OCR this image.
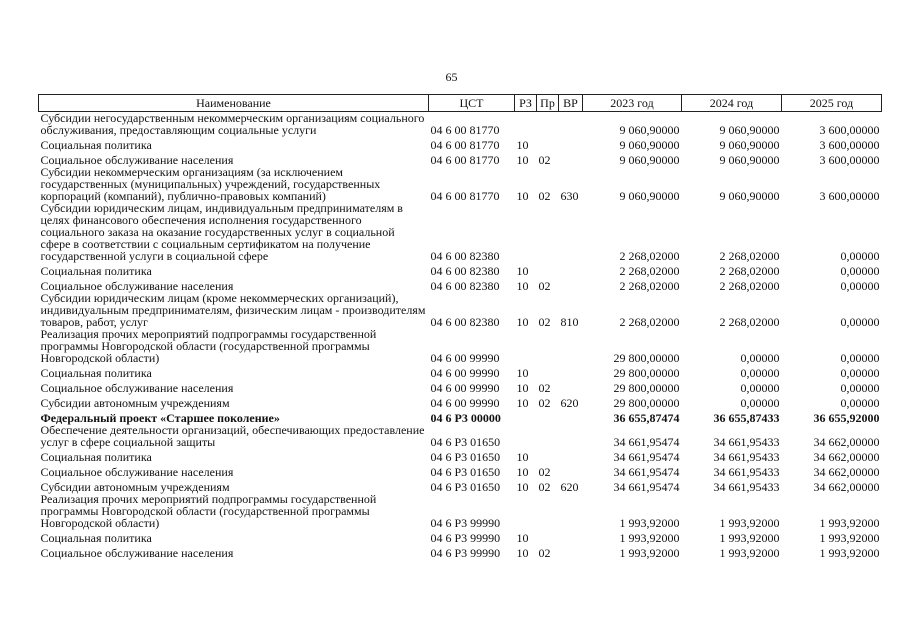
65
Наименование	ЦСТ	РЗ	Пр	ВР	2023 год	2024 год	2025 год
Субсидии негосударственным некоммерческим организациям социального обслуживания, предоставляющим социальные услуги	04 6 00 81770				9 060,90000	9 060,90000	3 600,00000
Социальная политика	04 6 00 81770	10			9 060,90000	9 060,90000	3 600,00000
Социальное обслуживание населения	04 6 00 81770	10	02		9 060,90000	9 060,90000	3 600,00000
Субсидии некоммерческим организациям (за исключением государственных (муниципальных) учреждений, государственных корпораций (компаний), публично-правовых компаний)	04 6 00 81770	10	02	630	9 060,90000	9 060,90000	3 600,00000
Субсидии юридическим лицам, индивидуальным предпринимателям в целях финансового обеспечения исполнения государственного социального заказа на оказание государственных услуг в социальной сфере в соответствии с социальным сертификатом на получение государственной услуги в социальной сфере	04 6 00 82380				2 268,02000	2 268,02000	0,00000
Социальная политика	04 6 00 82380	10			2 268,02000	2 268,02000	0,00000
Социальное обслуживание населения	04 6 00 82380	10	02		2 268,02000	2 268,02000	0,00000
Субсидии юридическим лицам (кроме некоммерческих организаций), индивидуальным предпринимателям, физическим лицам - производителям товаров, работ, услуг	04 6 00 82380	10	02	810	2 268,02000	2 268,02000	0,00000
Реализация прочих мероприятий подпрограммы государственной программы Новгородской области (государственной программы Новгородской области)	04 6 00 99990				29 800,00000	0,00000	0,00000
Социальная политика	04 6 00 99990	10			29 800,00000	0,00000	0,00000
Социальное обслуживание населения	04 6 00 99990	10	02		29 800,00000	0,00000	0,00000
Субсидии автономным учреждениям	04 6 00 99990	10	02	620	29 800,00000	0,00000	0,00000
Федеральный проект «Старшее поколение»	04 6 P3 00000				36 655,87474	36 655,87433	36 655,92000
Обеспечение деятельности организаций, обеспечивающих предоставление услуг в сфере социальной защиты	04 6 P3 01650				34 661,95474	34 661,95433	34 662,00000
Социальная политика	04 6 P3 01650	10			34 661,95474	34 661,95433	34 662,00000
Социальное обслуживание населения	04 6 P3 01650	10	02		34 661,95474	34 661,95433	34 662,00000
Субсидии автономным учреждениям	04 6 P3 01650	10	02	620	34 661,95474	34 661,95433	34 662,00000
Реализация прочих мероприятий подпрограммы государственной программы Новгородской области (государственной программы Новгородской области)	04 6 P3 99990				1 993,92000	1 993,92000	1 993,92000
Социальная политика	04 6 P3 99990	10			1 993,92000	1 993,92000	1 993,92000
Социальное обслуживание населения	04 6 P3 99990	10	02		1 993,92000	1 993,92000	1 993,92000
